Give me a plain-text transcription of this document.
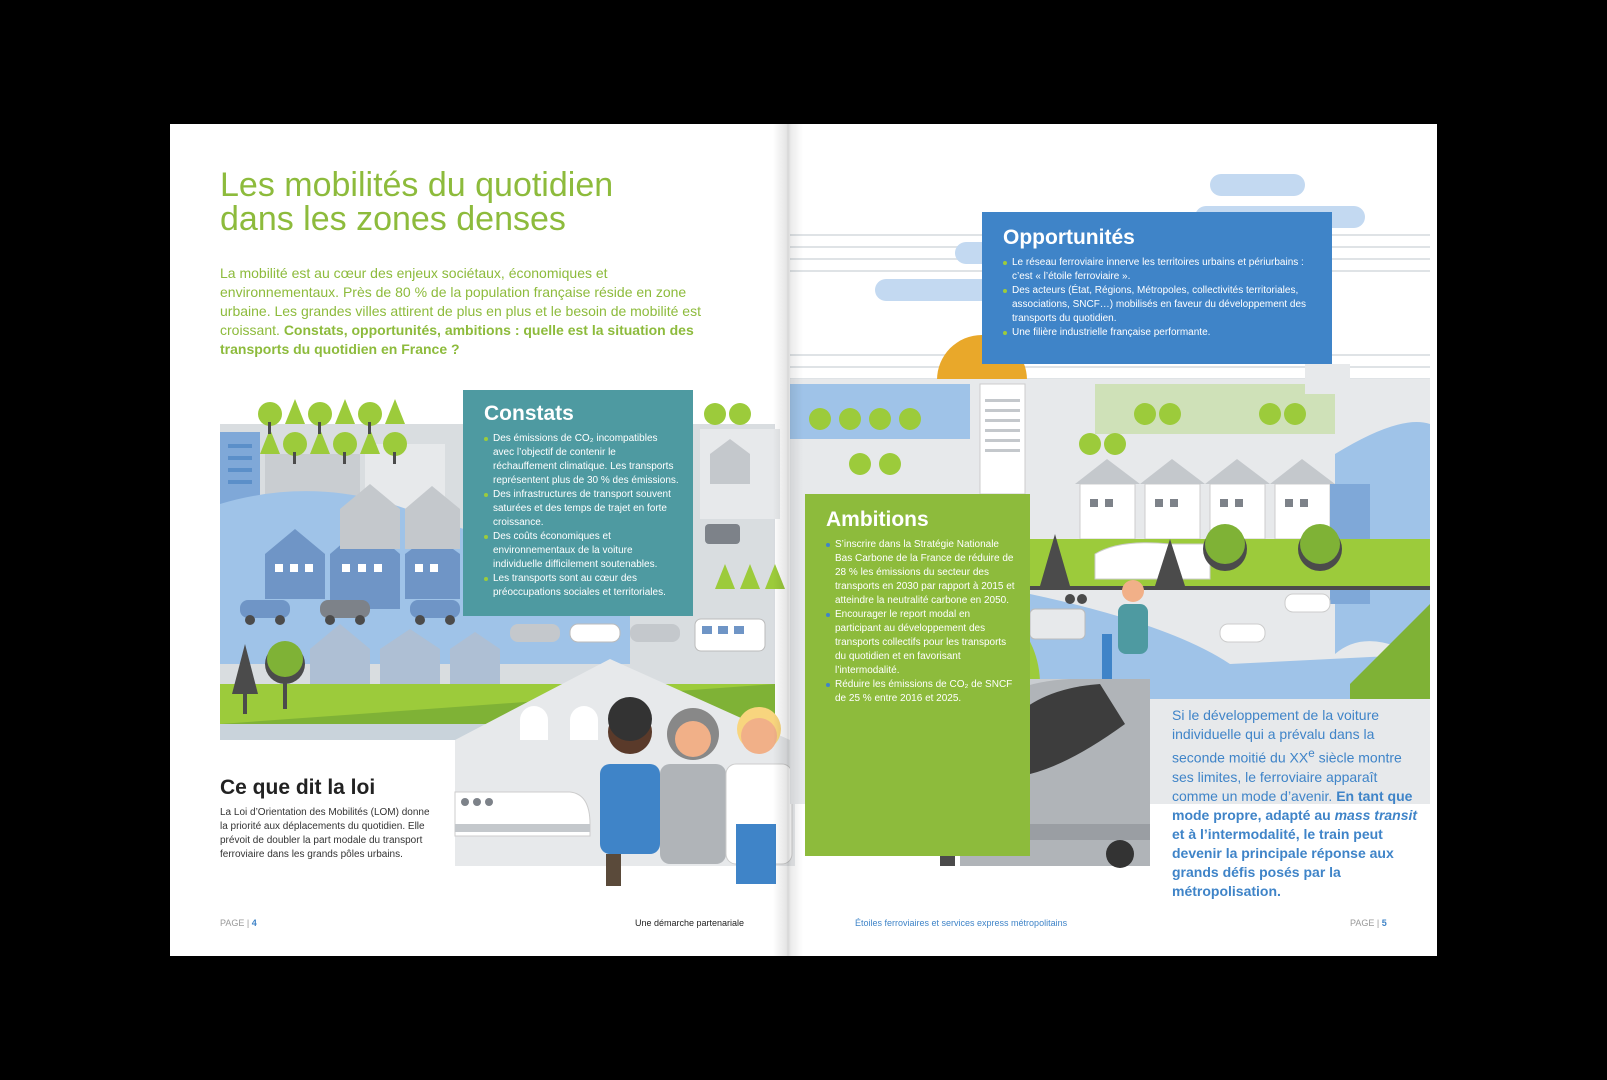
Les mobilités du quotidien
dans les zones denses

La mobilité est au cœur des enjeux sociétaux, économiques et environnementaux. Près de 80 % de la population française réside en zone urbaine. Les grandes villes attirent de plus en plus et le besoin de mobilité est croissant. Constats, opportunités, ambitions : quelle est la situation des transports du quotidien en France ?

Constats
Des émissions de CO₂ incompatibles avec l’objectif de contenir le réchauffement climatique. Les transports représentent plus de 30 % des émissions.
Des infrastructures de transport souvent saturées et des temps de trajet en forte croissance.
Des coûts économiques et environnementaux de la voiture individuelle difficilement soutenables.
Les transports sont au cœur des préoccupations sociales et territoriales.
Ce que dit la loi

La Loi d’Orientation des Mobilités (LOM) donne la priorité aux déplacements du quotidien. Elle prévoit de doubler la part modale du transport ferroviaire dans les grands pôles urbains.

Opportunités
Le réseau ferroviaire innerve les territoires urbains et périurbains : c’est « l’étoile ferroviaire ».
Des acteurs (État, Régions, Métropoles, collectivités territoriales, associations, SNCF…) mobilisés en faveur du développement des transports du quotidien.
Une filière industrielle française performante.
Ambitions
S’inscrire dans la Stratégie Nationale Bas Carbone de la France de réduire de 28 % les émissions du secteur des transports en 2030 par rapport à 2015 et atteindre la neutralité carbone en 2050.
Encourager le report modal en participant au développement des transports collectifs pour les transports du quotidien et en favorisant l’intermodalité.
Réduire les émissions de CO₂ de SNCF de 25 % entre 2016 et 2025.

Si le développement de la voiture individuelle qui a prévalu dans la seconde moitié du XXe siècle montre ses limites, le ferroviaire apparaît comme un mode d’avenir. En tant que mode propre, adapté au mass transit et à l’intermodalité, le train peut devenir la principale réponse aux grands défis posés par la métropolisation.

PAGE | 4	Une démarche partenariale	Étoiles ferroviaires et services express métropolitains	PAGE | 5
